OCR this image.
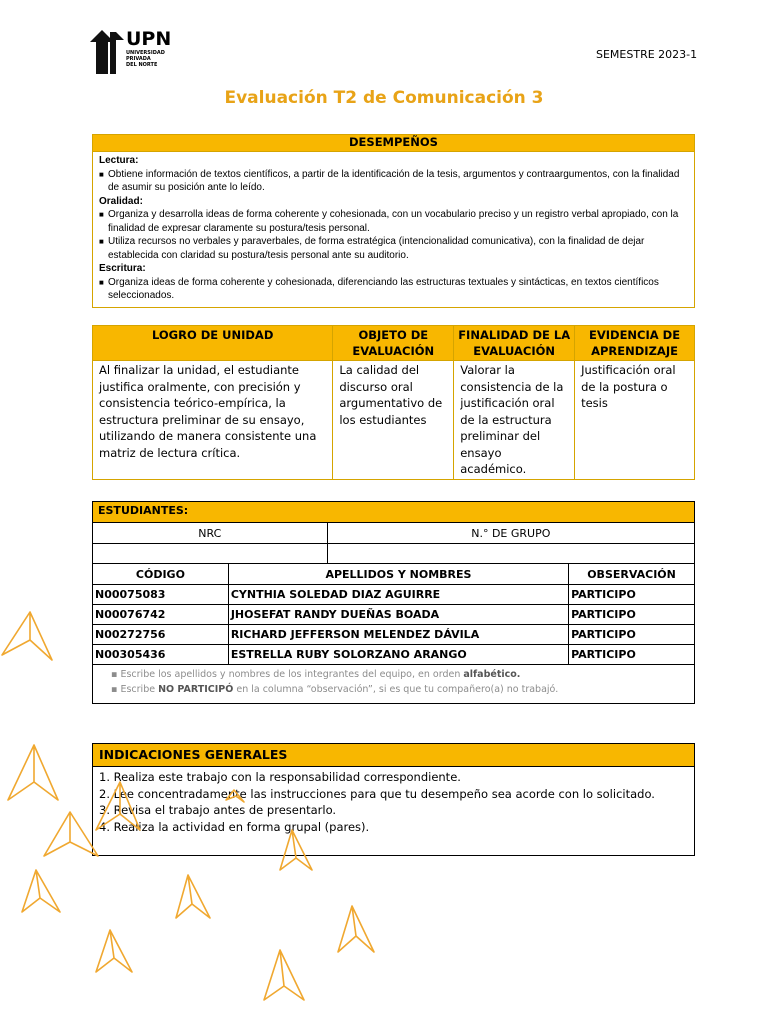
UPN
UNIVERSIDAD
PRIVADA
DEL NORTE
SEMESTRE 2023-1
Evaluación T2 de Comunicación 3
DESEMPEÑOS

Lectura:
■ Obtiene información de textos científicos, a partir de la identificación de la tesis, argumentos y contraargumentos, con la finalidad de asumir su posición ante lo leído.
Oralidad:
■ Organiza y desarrolla ideas de forma coherente y cohesionada, con un vocabulario preciso y un registro verbal apropiado, con la finalidad de expresar claramente su postura/tesis personal.
■ Utiliza recursos no verbales y paraverbales, de forma estratégica (intencionalidad comunicativa), con la finalidad de dejar establecida con claridad su postura/tesis personal ante su auditorio.
Escritura:
■ Organiza ideas de forma coherente y cohesionada, diferenciando las estructuras textuales y sintácticas, en textos científicos seleccionados.
LOGRO DE UNIDAD	OBJETO DE EVALUACIÓN	FINALIDAD DE LA EVALUACIÓN	EVIDENCIA DE APRENDIZAJE
Al finalizar la unidad, el estudiante justifica oralmente, con precisión y consistencia teórico-empírica, la estructura preliminar de su ensayo, utilizando de manera consistente una matriz de lectura crítica.	La calidad del discurso oral argumentativo de los estudiantes	Valorar la consistencia de la justificación oral de la estructura preliminar del ensayo académico.	Justificación oral de la postura o tesis
ESTUDIANTES:			
NRC		N.° DE GRUPO	

CÓDIGO	APELLIDOS Y NOMBRES		OBSERVACIÓN
N00075083	CYNTHIA SOLEDAD DIAZ AGUIRRE		PARTICIPO
N00076742	JHOSEFAT RANDY DUEÑAS BOADA		PARTICIPO
N00272756	RICHARD JEFFERSON MELENDEZ DÁVILA		PARTICIPO
N00305436	ESTRELLA RUBY SOLORZANO ARANGO		PARTICIPO

▪ Escribe los apellidos y nombres de los integrantes del equipo, en orden alfabético.
▪ Escribe NO PARTICIPÓ en la columna “observación”, si es que tu compañero(a) no trabajó.			
INDICACIONES GENERALES

1. Realiza este trabajo con la responsabilidad correspondiente.
2. Lee concentradamente las instrucciones para que tu desempeño sea acorde con lo solicitado.
3. Revisa el trabajo antes de presentarlo.
4. Realiza la actividad en forma grupal (pares).
